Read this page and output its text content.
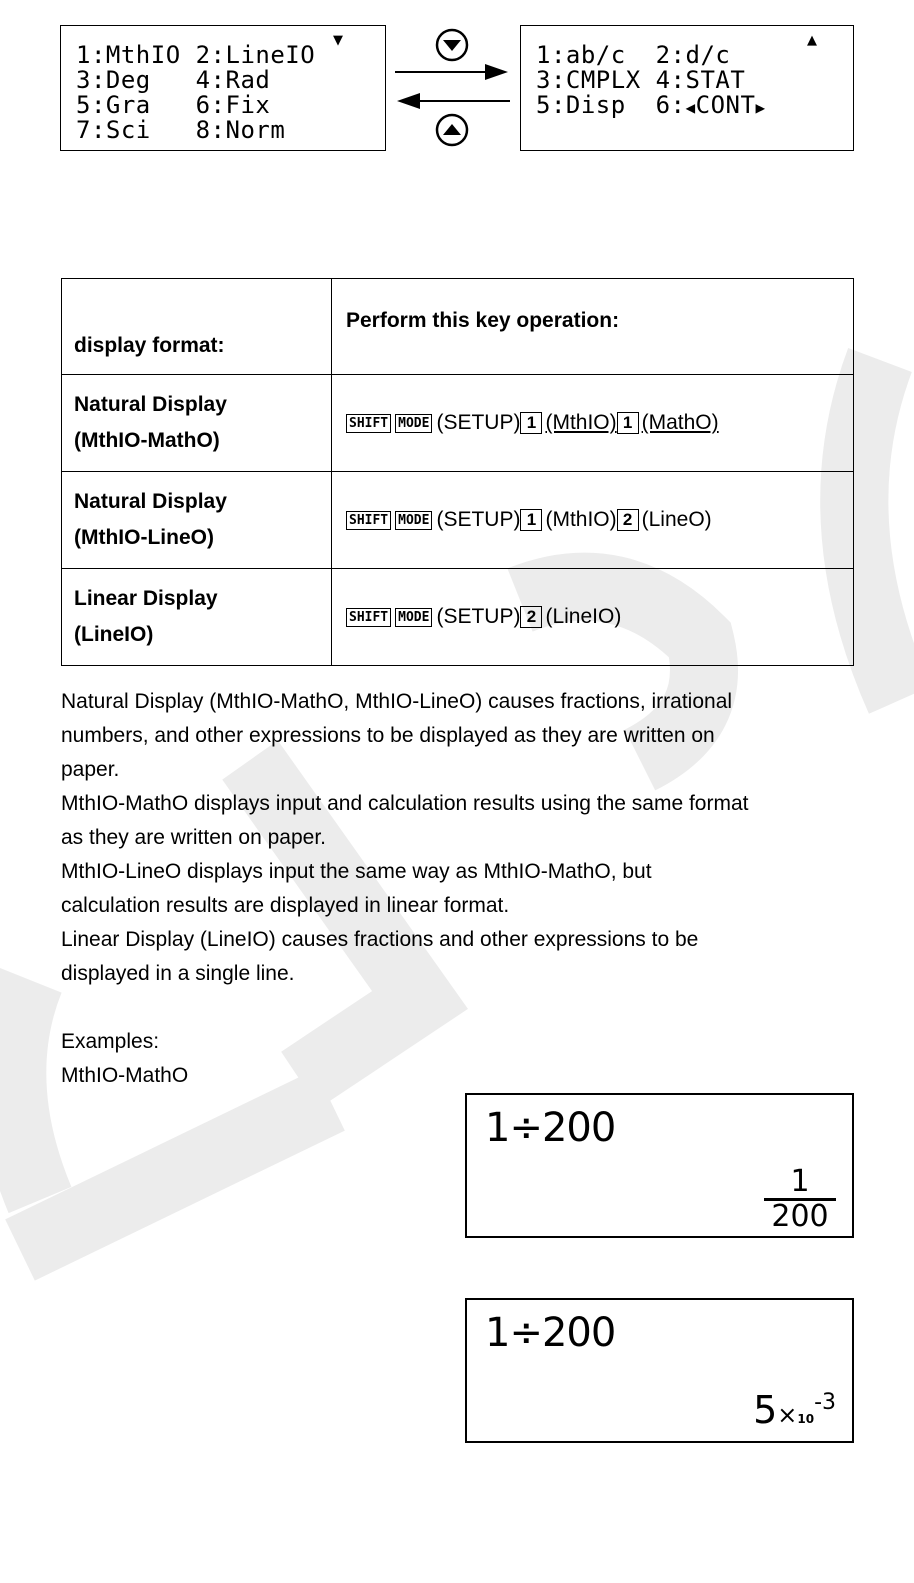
▼
1:MthIO 2:LineIO
3:Deg   4:Rad
5:Gra   6:Fix
7:Sci   8:Norm
▲
1:ab/c  2:d/c
3:CMPLX 4:STAT
5:Disp  6:◀CONT▶
display format:	Perform this key operation:

Natural Display
(MthIO-MathO)	SHIFT MODE (SETUP) 1 (MthIO) 1 (MathO)

Natural Display
(MthIO-LineO)	SHIFT MODE (SETUP) 1 (MthIO) 2 (LineO)

Linear Display
(LineIO)	SHIFT MODE (SETUP) 2 (LineIO)
Natural Display (MthIO-MathO, MthIO-LineO) causes fractions, irrational
numbers, and other expressions to be displayed as they are written on
paper.
MthIO-MathO displays input and calculation results using the same format
as they are written on paper.
MthIO-LineO displays input the same way as MthIO-MathO, but
calculation results are displayed in linear format.
Linear Display (LineIO) causes fractions and other expressions to be
displayed in a single line.
Examples:
MthIO-MathO
1÷200
1
200
1÷200
5×10-3
